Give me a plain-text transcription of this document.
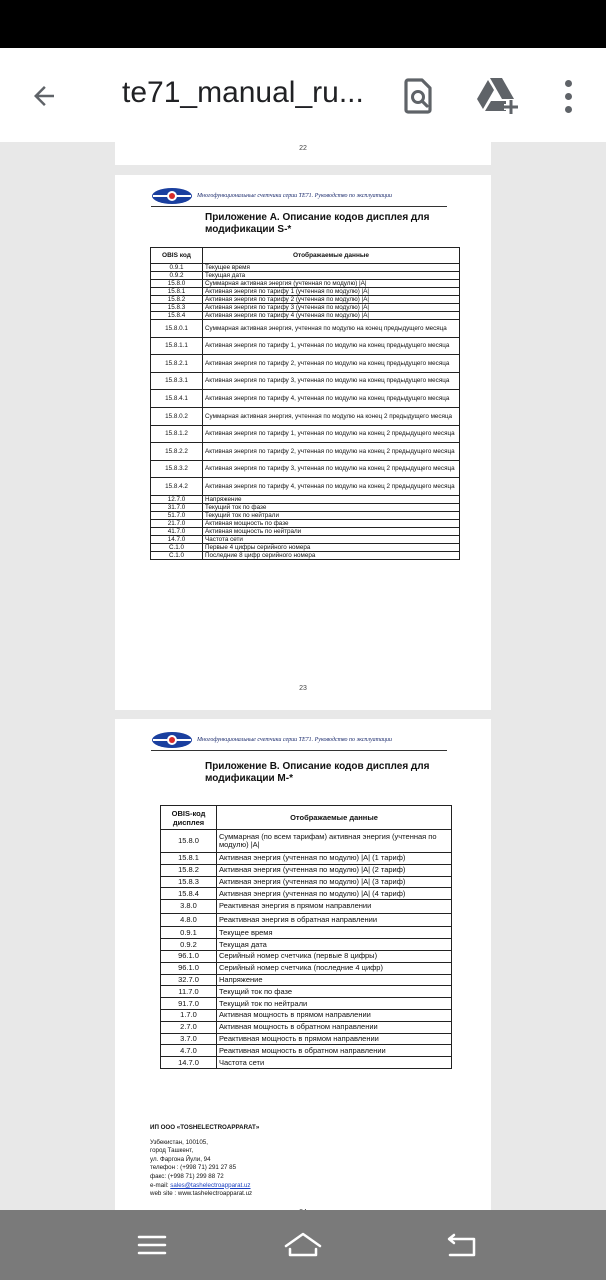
te71_manual_ru...
22
Многофункциональные счетчики серии ТЕ71. Руководство по эксплуатации
Приложение А. Описание кодов дисплея для модификации S-*
OBIS код	Отображаемые данные
0.9.1	Текущее время
0.9.2	Текущая дата
15.8.0	Суммарная активная энергия (учтенная по модулю) |A|
15.8.1	Активная энергия по тарифу 1 (учтенная по модулю) |A|
15.8.2	Активная энергия по тарифу 2 (учтенная по модулю) |A|
15.8.3	Активная энергия по тарифу 3 (учтенная по модулю) |A|
15.8.4	Активная энергия по тарифу 4 (учтенная по модулю) |A|
15.8.0.1	Суммарная активная энергия, учтенная по модулю на конец предыдущего месяца
15.8.1.1	Активная энергия по тарифу 1, учтенная по модулю на конец предыдущего месяца
15.8.2.1	Активная энергия по тарифу 2, учтенная по модулю на конец предыдущего месяца
15.8.3.1	Активная энергия по тарифу 3, учтенная по модулю на конец предыдущего месяца
15.8.4.1	Активная энергия по тарифу 4, учтенная по модулю на конец предыдущего месяца
15.8.0.2	Суммарная активная энергия, учтенная по модулю на конец 2 предыдущего месяца
15.8.1.2	Активная энергия по тарифу 1, учтенная по модулю на конец 2 предыдущего месяца
15.8.2.2	Активная энергия по тарифу 2, учтенная по модулю на конец 2 предыдущего месяца
15.8.3.2	Активная энергия по тарифу 3, учтенная по модулю на конец 2 предыдущего месяца
15.8.4.2	Активная энергия по тарифу 4, учтенная по модулю на конец 2 предыдущего месяца
12.7.0	Напряжение
31.7.0	Текущий ток по фазе
51.7.0	Текущий ток по нейтрали
21.7.0	Активная мощность по фазе
41.7.0	Активная мощность по нейтрали
14.7.0	Частота сети
C.1.0	Первые 4 цифры серийного номера
C.1.0	Последние 8 цифр серийного номера
23
Многофункциональные счетчики серии ТЕ71. Руководство по эксплуатации
Приложение В. Описание кодов дисплея для модификации М-*
OBIS-код дисплея	Отображаемые данные
15.8.0	Суммарная (по всем тарифам) активная энергия (учтенная по модулю) |A|
15.8.1	Активная энергия (учтенная по модулю) |A| (1 тариф)
15.8.2	Активная энергия (учтенная по модулю) |A| (2 тариф)
15.8.3	Активная энергия (учтенная по модулю) |A| (3 тариф)
15.8.4	Активная энергия (учтенная по модулю) |A| (4 тариф)
3.8.0	Реактивная энергия в прямом направлении
4.8.0	Реактивная энергия в обратная направлении
0.9.1	Текущее время
0.9.2	Текущая дата
96.1.0	Серийный номер счетчика (первые 8 цифры)
96.1.0	Серийный номер счетчика (последние 4 цифр)
32.7.0	Напряжение
11.7.0	Текущий ток по фазе
91.7.0	Текущий ток по нейтрали
1.7.0	Активная мощность в прямом направлении
2.7.0	Активная мощность в обратном направлении
3.7.0	Реактивная мощность в прямом направлении
4.7.0	Реактивная мощность в обратном направлении
14.7.0	Частота сети
ИП ООО «TOSHELECTROAPPARAT»
Узбекистан, 100105,
город Ташкент,
ул. Фаргона Йули, 94
телефон : (+998 71) 291 27 85
факс: (+998 71) 299 88 72
e-mail: sales@tashelectroapparat.uz
web site : www.tashelectroapparat.uz
